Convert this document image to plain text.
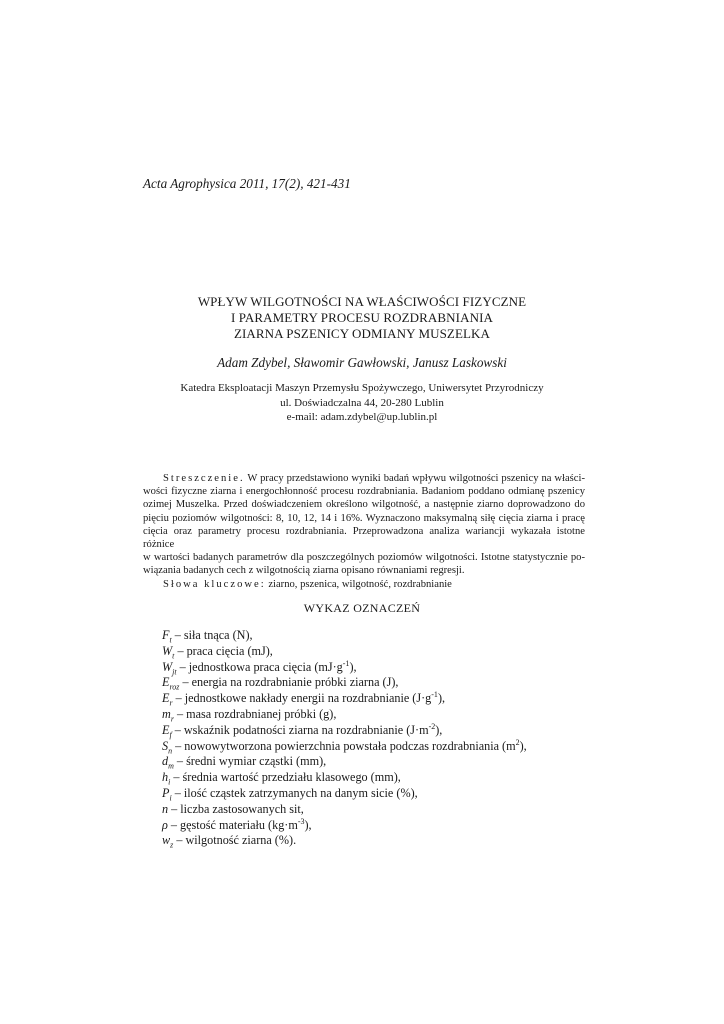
Acta Agrophysica 2011, 17(2), 421-431
WPŁYW WILGOTNOŚCI NA WŁAŚCIWOŚCI FIZYCZNE
I PARAMETRY PROCESU ROZDRABNIANIA
ZIARNA PSZENICY ODMIANY MUSZELKA
Adam Zdybel, Sławomir Gawłowski, Janusz Laskowski
Katedra Eksploatacji Maszyn Przemysłu Spożywczego, Uniwersytet Przyrodniczy
ul. Doświadczalna 44, 20-280 Lublin
e-mail: adam.zdybel@up.lublin.pl
Streszczenie. W pracy przedstawiono wyniki badań wpływu wilgotności pszenicy na właści-
wości fizyczne ziarna i energochłonność procesu rozdrabniania. Badaniom poddano odmianę pszenicy
ozimej Muszelka. Przed doświadczeniem określono wilgotność, a następnie ziarno doprowadzono do
pięciu poziomów wilgotności: 8, 10, 12, 14 i 16%. Wyznaczono maksymalną siłę cięcia ziarna i pracę
cięcia oraz parametry procesu rozdrabniania. Przeprowadzona analiza wariancji wykazała istotne różnice
w wartości badanych parametrów dla poszczególnych poziomów wilgotności. Istotne statystycznie po-
wiązania badanych cech z wilgotnością ziarna opisano równaniami regresji.
Słowa kluczowe: ziarno, pszenica, wilgotność, rozdrabnianie
WYKAZ OZNACZEŃ
$F_t$ – siła tnąca (N),
$W_t$ – praca cięcia (mJ),
$W_{jt}$ – jednostkowa praca cięcia $(mJ\cdot g^{-1})$,
$E_{roz}$ – energia na rozdrabnianie próbki ziarna (J),
$E_r$ – jednostkowe nakłady energii na rozdrabnianie $(J\cdot g^{-1})$,
$m_r$ – masa rozdrabnianej próbki (g),
$E_f$ – wskaźnik podatności ziarna na rozdrabnianie $(J\cdot m^{-2})$,
$S_n$ – nowowytworzona powierzchnia powstała podczas rozdrabniania $(m^2)$,
$d_m$ – średni wymiar cząstki (mm),
$h_i$ – średnia wartość przedziału klasowego (mm),
$P_i$ – ilość cząstek zatrzymanych na danym sicie (%),
n – liczba zastosowanych sit,
ρ – gęstość materiału $(kg\cdot m^{-3})$,
$w_z$ – wilgotność ziarna (%).
